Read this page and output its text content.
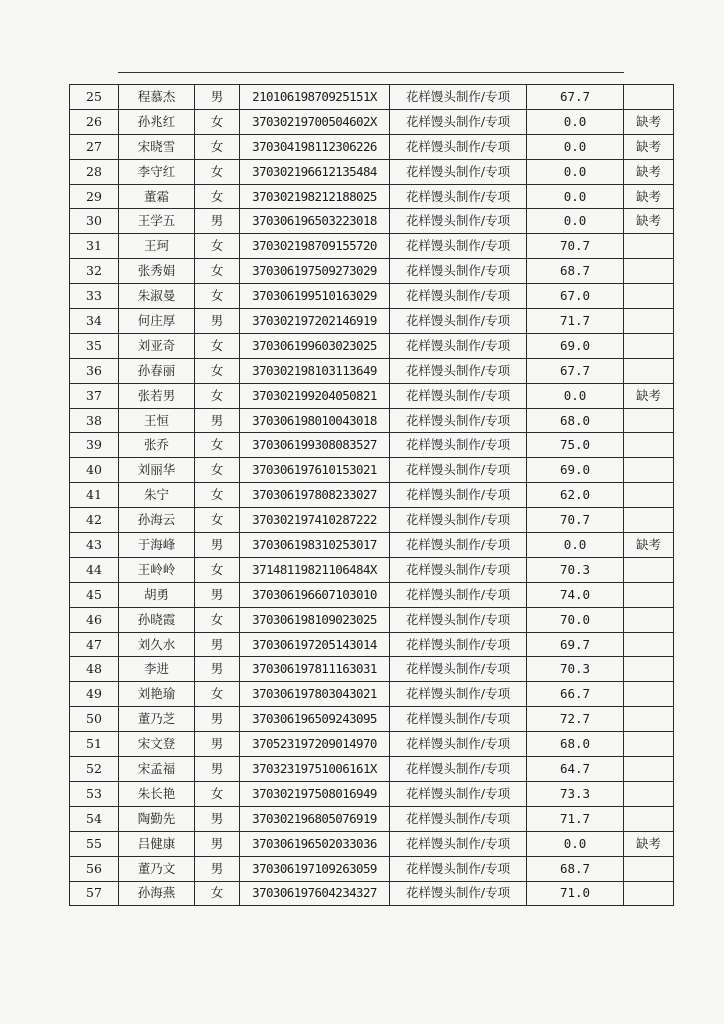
25	程慕杰	男	21010619870925151X	花样馒头制作/专项	67.7	
26	孙兆红	女	37030219700504602X	花样馒头制作/专项	0.0	缺考
27	宋晓雪	女	370304198112306226	花样馒头制作/专项	0.0	缺考
28	李守红	女	370302196612135484	花样馒头制作/专项	0.0	缺考
29	董霜	女	370302198212188025	花样馒头制作/专项	0.0	缺考
30	王学五	男	370306196503223018	花样馒头制作/专项	0.0	缺考
31	王珂	女	370302198709155720	花样馒头制作/专项	70.7	
32	张秀娟	女	370306197509273029	花样馒头制作/专项	68.7	
33	朱淑曼	女	370306199510163029	花样馒头制作/专项	67.0	
34	何庄厚	男	370302197202146919	花样馒头制作/专项	71.7	
35	刘亚奇	女	370306199603023025	花样馒头制作/专项	69.0	
36	孙春丽	女	370302198103113649	花样馒头制作/专项	67.7	
37	张若男	女	370302199204050821	花样馒头制作/专项	0.0	缺考
38	王恒	男	370306198010043018	花样馒头制作/专项	68.0	
39	张乔	女	370306199308083527	花样馒头制作/专项	75.0	
40	刘丽华	女	370306197610153021	花样馒头制作/专项	69.0	
41	朱宁	女	370306197808233027	花样馒头制作/专项	62.0	
42	孙海云	女	370302197410287222	花样馒头制作/专项	70.7	
43	于海峰	男	370306198310253017	花样馒头制作/专项	0.0	缺考
44	王岭岭	女	37148119821106484X	花样馒头制作/专项	70.3	
45	胡勇	男	370306196607103010	花样馒头制作/专项	74.0	
46	孙晓霞	女	370306198109023025	花样馒头制作/专项	70.0	
47	刘久水	男	370306197205143014	花样馒头制作/专项	69.7	
48	李进	男	370306197811163031	花样馒头制作/专项	70.3	
49	刘艳瑜	女	370306197803043021	花样馒头制作/专项	66.7	
50	董乃芝	男	370306196509243095	花样馒头制作/专项	72.7	
51	宋文登	男	370523197209014970	花样馒头制作/专项	68.0	
52	宋孟福	男	37032319751006161X	花样馒头制作/专项	64.7	
53	朱长艳	女	370302197508016949	花样馒头制作/专项	73.3	
54	陶勤先	男	370302196805076919	花样馒头制作/专项	71.7	
55	吕健康	男	370306196502033036	花样馒头制作/专项	0.0	缺考
56	董乃文	男	370306197109263059	花样馒头制作/专项	68.7	
57	孙海燕	女	370306197604234327	花样馒头制作/专项	71.0	
